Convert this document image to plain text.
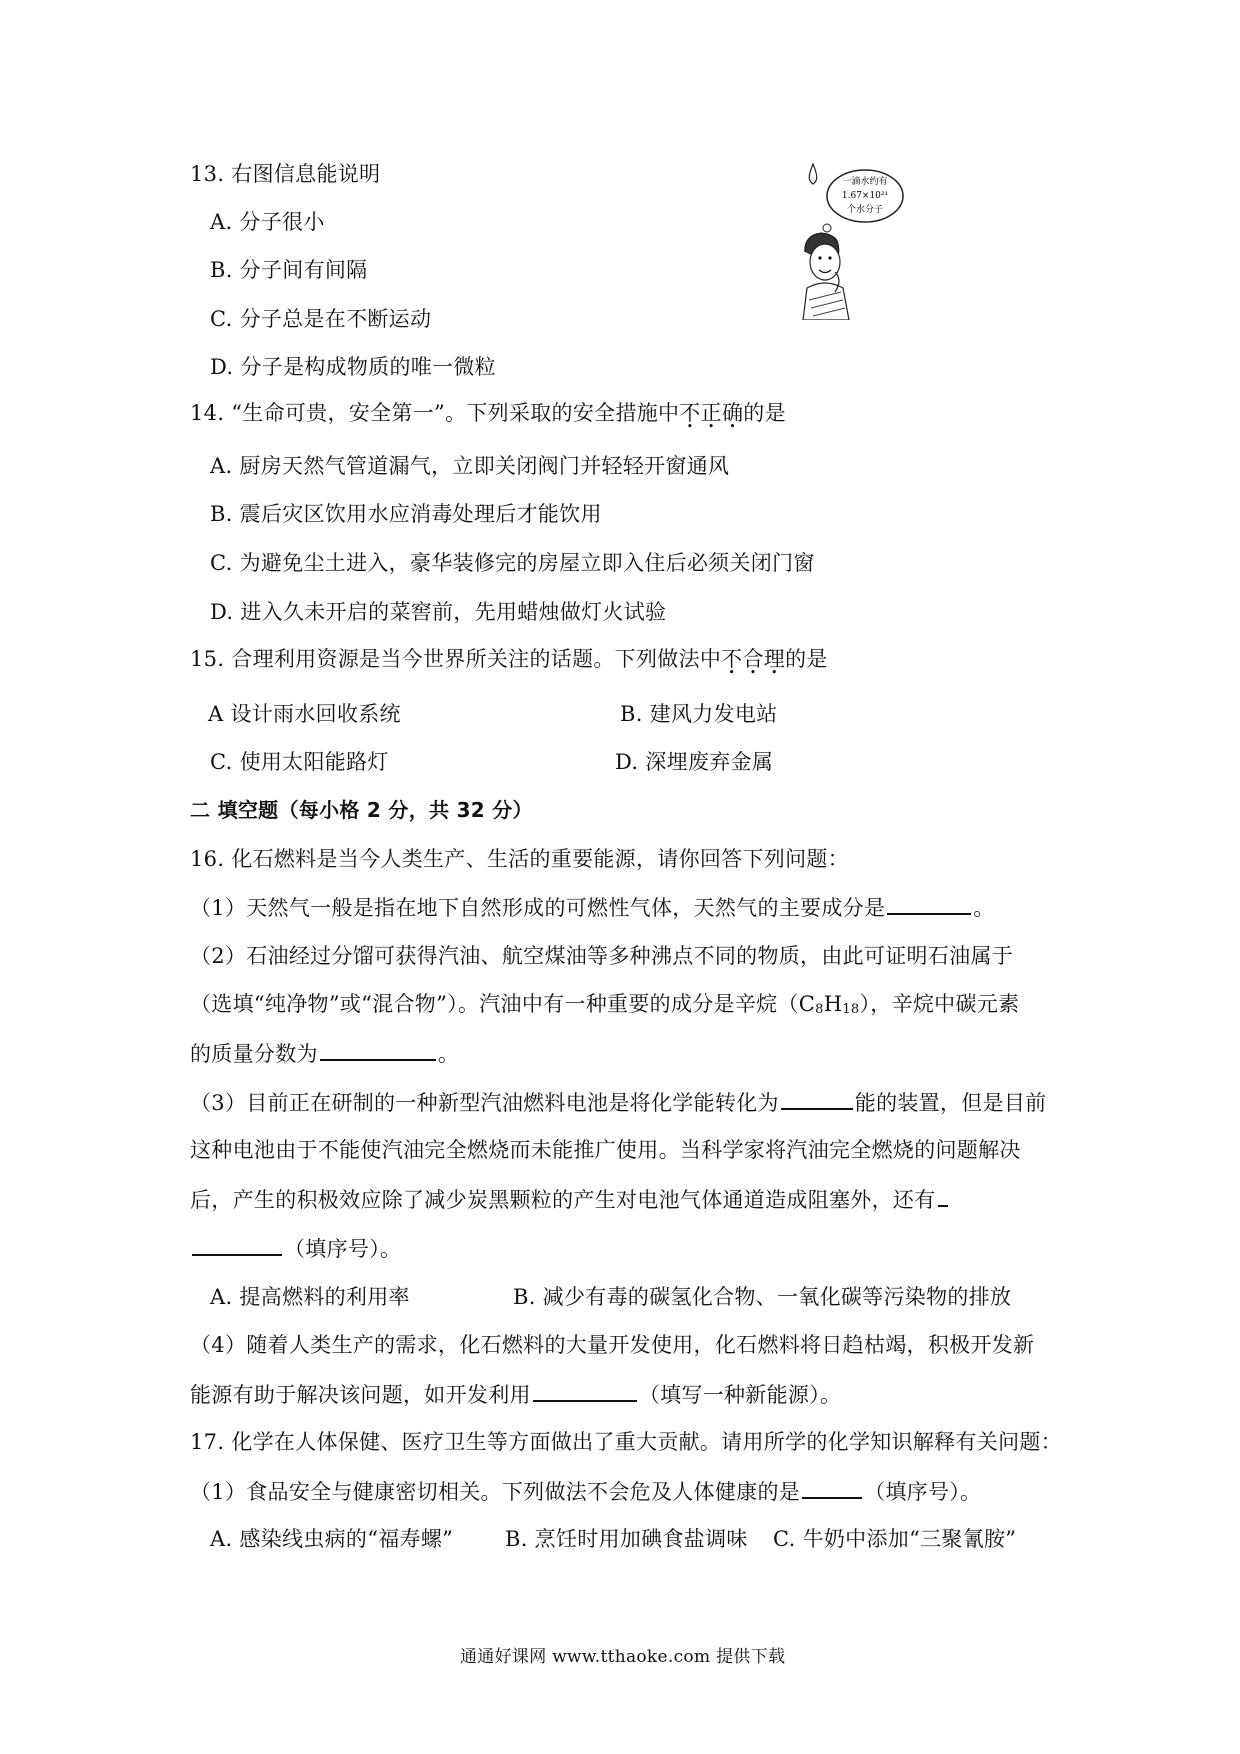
13. 右图信息能说明
A. 分子很小
B. 分子间有间隔
C. 分子总是在不断运动
D. 分子是构成物质的唯一微粒
一滴水约有
1.67×10²¹
个水分子
14. “生命可贵，安全第一”。下列采取的安全措施中不正确的是
A. 厨房天然气管道漏气，立即关闭阀门并轻轻开窗通风
B. 震后灾区饮用水应消毒处理后才能饮用
C. 为避免尘土进入，豪华装修完的房屋立即入住后必须关闭门窗
D. 进入久未开启的菜窖前，先用蜡烛做灯火试验
15. 合理利用资源是当今世界所关注的话题。下列做法中不合理的是
A 设计雨水回收系统	B. 建风力发电站
C. 使用太阳能路灯	D. 深埋废弃金属
二 填空题（每小格 2 分，共 32 分）
16. 化石燃料是当今人类生产、生活的重要能源，请你回答下列问题：
（1）天然气一般是指在地下自然形成的可燃性气体，天然气的主要成分是	。
（2）石油经过分馏可获得汽油、航空煤油等多种沸点不同的物质，由此可证明石油属于
（选填“纯净物”或“混合物”）。汽油中有一种重要的成分是辛烷（C8H18），辛烷中碳元素
的质量分数为	。
（3）目前正在研制的一种新型汽油燃料电池是将化学能转化为	能的装置，但是目前
这种电池由于不能使汽油完全燃烧而未能推广使用。当科学家将汽油完全燃烧的问题解决
后，产生的积极效应除了减少炭黑颗粒的产生对电池气体通道造成阻塞外，还有
（填序号）。
A. 提高燃料的利用率	B. 减少有毒的碳氢化合物、一氧化碳等污染物的排放
（4）随着人类生产的需求，化石燃料的大量开发使用，化石燃料将日趋枯竭，积极开发新
能源有助于解决该问题，如开发利用	（填写一种新能源）。
17. 化学在人体保健、医疗卫生等方面做出了重大贡献。请用所学的化学知识解释有关问题：
（1）食品安全与健康密切相关。下列做法不会危及人体健康的是	（填序号）。
A. 感染线虫病的“福寿螺” B. 烹饪时用加碘食盐调味 C. 牛奶中添加“三聚氰胺”
通通好课网 www.tthaoke.com 提供下载
